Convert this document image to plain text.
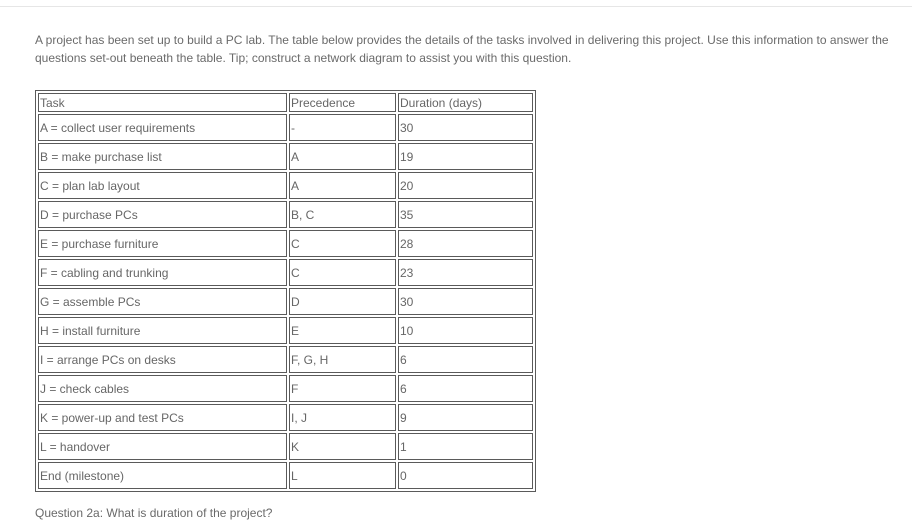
A project has been set up to build a PC lab. The table below provides the details of the tasks involved in delivering this project. Use this information to answer the questions set-out beneath the table. Tip; construct a network diagram to assist you with this question.

Task	Precedence	Duration (days)
A = collect user requirements	-	30
B = make purchase list	A	19
C = plan lab layout	A	20
D = purchase PCs	B, C	35
E = purchase furniture	C	28
F = cabling and trunking	C	23
G = assemble PCs	D	30
H = install furniture	E	10
I = arrange PCs on desks	F, G, H	6
J = check cables	F	6
K = power-up and test PCs	I, J	9
L = handover	K	1
End (milestone)	L	0
Question 2a: What is duration of the project?
